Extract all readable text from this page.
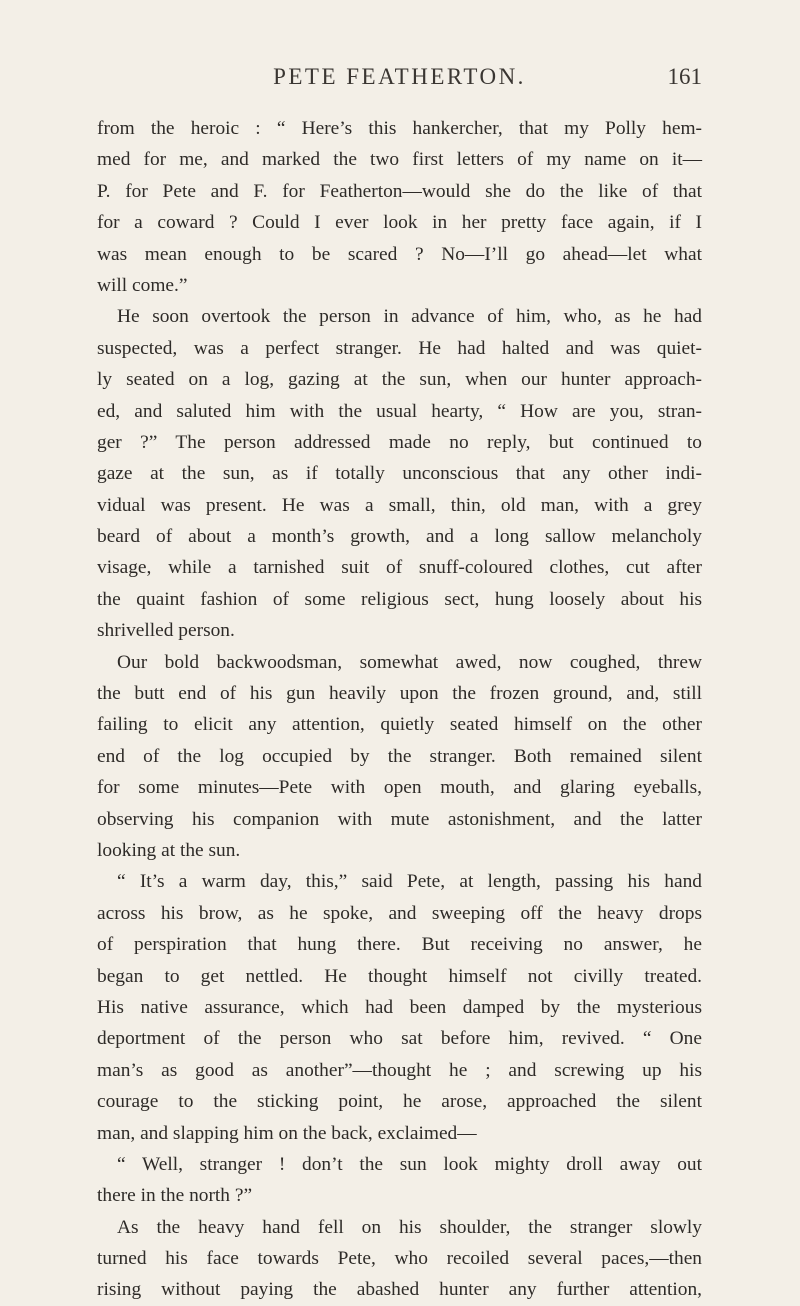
PETE FEATHERTON.	161
from the heroic : “ Here’s this hankercher, that my Polly hem-
med for me, and marked the two first letters of my name on it—
P. for Pete and F. for Featherton—would she do the like of that
for a coward ? Could I ever look in her pretty face again, if I
was mean enough to be scared ? No—I’ll go ahead—let what
will come.”
He soon overtook the person in advance of him, who, as he had
suspected, was a perfect stranger. He had halted and was quiet-
ly seated on a log, gazing at the sun, when our hunter approach-
ed, and saluted him with the usual hearty, “ How are you, stran-
ger ?” The person addressed made no reply, but continued to
gaze at the sun, as if totally unconscious that any other indi-
vidual was present. He was a small, thin, old man, with a grey
beard of about a month’s growth, and a long sallow melancholy
visage, while a tarnished suit of snuff-coloured clothes, cut after
the quaint fashion of some religious sect, hung loosely about his
shrivelled person.
Our bold backwoodsman, somewhat awed, now coughed, threw
the butt end of his gun heavily upon the frozen ground, and, still
failing to elicit any attention, quietly seated himself on the other
end of the log occupied by the stranger. Both remained silent
for some minutes—Pete with open mouth, and glaring eyeballs,
observing his companion with mute astonishment, and the latter
looking at the sun.
“ It’s a warm day, this,” said Pete, at length, passing his hand
across his brow, as he spoke, and sweeping off the heavy drops
of perspiration that hung there. But receiving no answer, he
began to get nettled. He thought himself not civilly treated.
His native assurance, which had been damped by the mysterious
deportment of the person who sat before him, revived. “ One
man’s as good as another”—thought he ; and screwing up his
courage to the sticking point, he arose, approached the silent
man, and slapping him on the back, exclaimed—
“ Well, stranger ! don’t the sun look mighty droll away out
there in the north ?”
As the heavy hand fell on his shoulder, the stranger slowly
turned his face towards Pete, who recoiled several paces,—then
rising without paying the abashed hunter any further attention,
